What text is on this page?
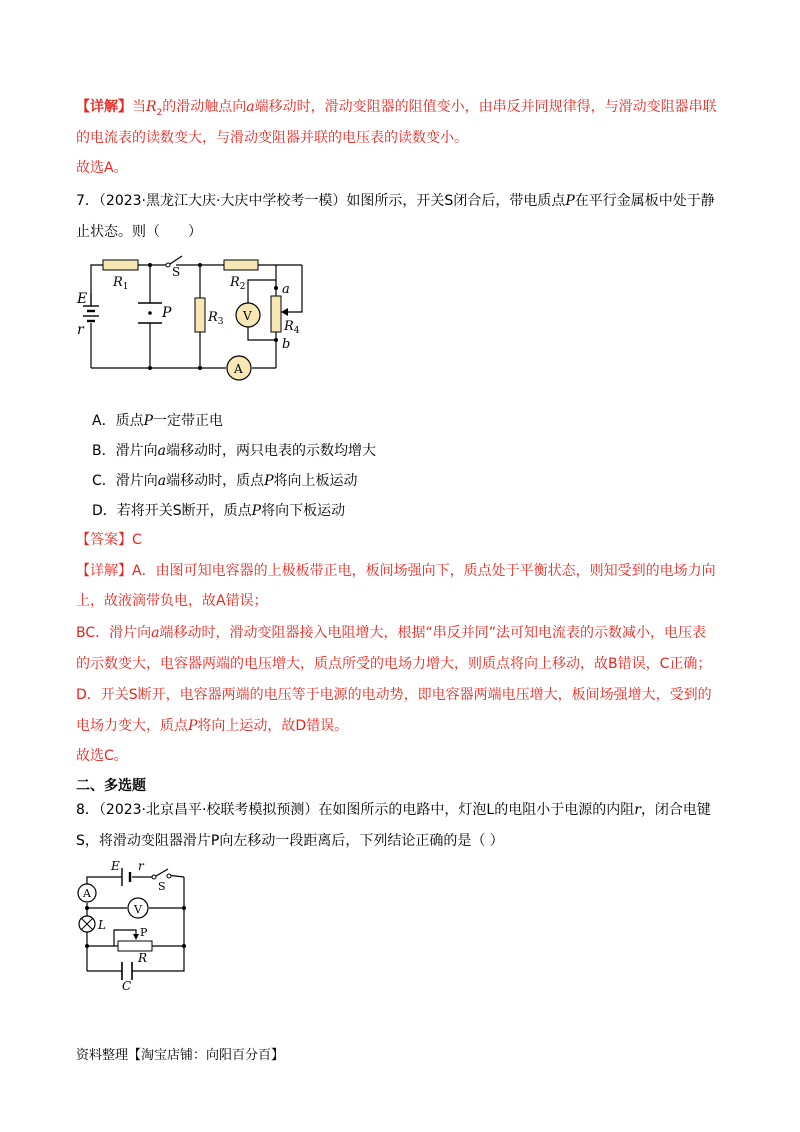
【详解】当$R_2$的滑动触点向a端移动时，滑动变阻器的阻值变小，由串反并同规律得，与滑动变阻器串联
的电流表的读数变大，与滑动变阻器并联的电压表的读数变小。
故选A。
7．（2023·黑龙江大庆·大庆中学校考一模）如图所示，开关S闭合后，带电质点P在平行金属板中处于静
止状态。则（　　）
E
r
$R_1$	$R_2$
$R_3$	$R_4$
S
P
a
b
V
A
A．质点P一定带正电
B．滑片向a端移动时，两只电表的示数均增大
C．滑片向a端移动时，质点P将向上板运动
D．若将开关S断开，质点P将向下板运动
【答案】C
【详解】A．由图可知电容器的上极板带正电，板间场强向下，质点处于平衡状态，则知受到的电场力向
上，故液滴带负电，故A错误；
BC．滑片向a端移动时，滑动变阻器接入电阻增大，根据“串反并同”法可知电流表的示数减小，电压表
的示数变大，电容器两端的电压增大，质点所受的电场力增大，则质点将向上移动，故B错误，C正确；
D．开关S断开，电容器两端的电压等于电源的电动势，即电容器两端电压增大，板间场强增大，受到的
电场力变大，质点P将向上运动，故D错误。
故选C。
二、多选题
8．（2023·北京昌平·校联考模拟预测）在如图所示的电路中，灯泡L的电阻小于电源的内阻r，闭合电键
S，将滑动变阻器滑片P向左移动一段距离后，下列结论正确的是（ ）
E r
S
A
V
L
P
R
C
资料整理【淘宝店铺：向阳百分百】
